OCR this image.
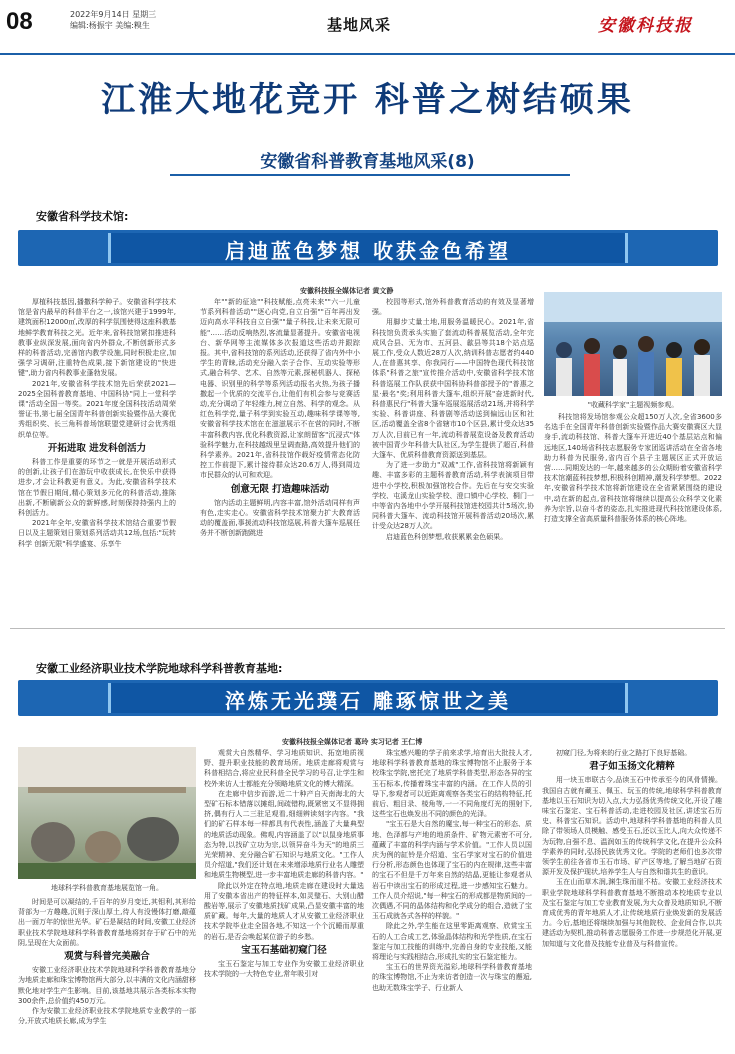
08	2022年9月14日 星期三
编辑:杨振宇 美编:糗生	基地风采	安徽科技报
江淮大地花竞开 科普之树结硕果
安徽省科普教育基地风采(8)
安徽省科学技术馆:
启迪蓝色梦想 收获金色希望
安徽科技报全媒体记者 黄文静

厚植科技基因,播撒科学种子。安徽省科学技术馆是省内最早的科普平台之一,该馆兴建于1999年,建筑面积12000㎡,改厚的科学氛围使得这座科教基地鲜学教育科技之光。近年来,省科技馆紧扣推进科教事业纵深发展,面向省内外群众,不断创新形式多样的科普活动,完善馆内教学设施,同时积极走应,加强学习调研,注重特色成果,接下新馆建设的"快进键",助力省内科教事业蓬勃发展。

2021年,安徽省科学技术馆先后荣获2021—2025全国科普教育基地、中国科协"同上一堂科学课"活动全国一等奖。2021年度全国科技活动周荣誉证书,第七届全国青年科普创新实验暨作品大赛优秀组织奖、长三角科普场馆联盟党建研讨会优秀组织单位等。

开拓进取 进发科创活力

科普工作是重要的环节之一就是开展活动形式的创新,让孩子们在游玩中收获成长,在快乐中获得进步,才会让科教更有意义。为此,安徽省科学技术馆在节假日期间,精心策划多元化的科普活动,推陈出新,不断刷新公众的新鲜感,时刻保持持强内上的科创活力。

2021年全年,安徽省科学技术馆结合重要节假日以及主题策划日策划系列活动共12场,包括:"玩转科学 创新无限"科学盛宴、乐享牛

年""新的征途""科技赋能,点亮未来""六一儿童节系列科普活动""逐心向党,自立自强""百年再出发 迈向高水平科技自立自强""量子科技,让未来无限可能"……活动反响热烈,客流量显著提升。安徽省电视台、新华网等主流媒体多次报道这些活动并跟踪报。其中,省科技馆的系列活动,还获得了省内外中小学生的青睐,活动充分融入亲子合作、互动实验等形式,融合科学、艺术、自然等元素,探秘机器人、探秘电器、识别里的科学等系列活动报名火热,为孩子播撒起一个优质的交流平台,让他们有机会参与竞赛活动,充分调动了年轻维力,树立自然、科学的观念。从红色科学党,量子科学到实验互动,趣味科学课等等,安徽省科学技术馆在在滋滋展示不在营的同时,不断丰富科教内容,优化科教资源,让家朗留客"沉浸式"体验科学魅力,在科技越级里呈调查路,高效提升他们的科学素养。2021年,省科技馆作载好疫情常态化防控工作前提下,累计接待群众达20.6万人,得到周边市民群众的认可和欢迎。

创意无限 打造趣味活动

馆内活动主题鲜明,内容丰富,馆外活动同样有声有色,走实走心。安徽省科学技术馆聚力扩大教育活动的覆盖面,事援流动科技馆巡展,科普大篷车巡展任务并不断创新跑跳进

校园等形式,馆外科普教育活动的有效及显著增强。

用脚步丈量土地,用服务温暖民心。2021年,省科技馆负责承头实施了套流动科普展览活动,全年完成风合县、无为市、五河县、歙县等共18个站点巡展工作,受众人数近28万人次,纳训科普志愿者约440人,在普惠其享、你我同行——中国特色现代科技馆体系"科普之旅"宣传推介活动中,安徽省科学技术馆科普巡展工作队获获中国科协科普部授予的"普惠之星·最名"奖;利用科普大篷车,组织开展"奋进新时代,科普惠民行"科普大篷车巡展巡展活动21场,并将科学实验、科普讲座、科普剧等活动送到偏远山区和社区,活动覆盖全省8个省辖市10个区县,累计受众达35万人次,目前已有一年,流动科普展览设备及教育活动被中国青少年科普大队社区,为学生提供了超百,科普大篷车、优质科普教育资源送到基层。

为了进一步助力"双减"工作,省科技馆将新颖有趣、丰富多彩的主题科普教育活动,科学表演项目带进中小学校,积极加强馆校合作。先后在与安交实验学校、屯溪龙山实验学校、澄口镇中心学校、桐门一中等省内各地中小学开展科技馆进校园共计5场次,协同科普大篷车、流动科技馆开展科普活动20场次,累计受众达28万人次。

启迪蓝色科创梦想,收获累累金色硕果。

"收藏科学家"主题视频参观。

科技馆将发场馆参观公众超150万人次,全省3600多名选手在全国青年科普创新实验暨作品大赛安徽赛区大显身手,流动科技馆、科普大篷车开进近40个基层站点和偏远地区,140场省科技志愿服务专家团巡讲活动在全省各地助力科普为民服务,省内百个县子主题展区正式开放运营……同期发达的一年,越来越多的公众期盼着安徽省科学技术馆潮蓝科技梦想,积极科创精神,潮发科学梦想。2022年,安徽省科学技术馆将新馆建设在全省紧紧围绕的建设中,动在新的起点,省科技馆将继续以提高公众科学文化素养为宗旨,以奋斗者的姿态,扎实推进现代科技馆建设体系,打造支撑全省高质量科普服务体系的核心阵地。

安徽工业经济职业技术学院地球科学科普教育基地:
淬炼无光璞石 雕琢惊世之美
安徽科技报全媒体记者 葛玲 实习记者 王仁博
地球科学科普教育基地展览馆一角。

时间是可以凝结的,千百年的岁月变迁,其钼利,其形给背部为一方趣趣,沉则于深山厚土,待人有没慢体打磨,敲蕴出一面万年的惊世光华。矿石是凝结的时间,安徽工业经济职业技术学院地球科学科普教育基地将封存于矿石中的光阴,呈现在大众面前。

观赏与科普完美融合

安徽工业经济职业技术学院地球科学科普教育基地分为地质走廊和珠宝博物馆两大部分,以丰满的文化内涵甜移默化地对学生产生影响。目前,该基地共展示各类标本实物300余件,总价值约450万元。

作为安徽工业经济职业技术学院地质专业教学的一部分,开放式地质长廊,成为学生

观赏大自然精华、学习地质知识、拓宽地质视野、提升职业技能的教育场所。地质走廊将观赏与科普相结合,将应业民科普全民学习的号召,让学生和校外来访人士都能充分领略地质文化的博大精深。

在走廊中信步而游,近二十种产自天南海北的大型矿石标本错落以摊组,间疏错构,既紧密又不显得拥挤,偶有行人二三驻足观看,细细辨读刻字内容。"我们的矿石样本每一样都具有代表性,涵盖了大量典型的地质活动现象。佛观,内容涵盖了以"以鼠身地质事态为特,以找矿立功为宗,以领异奋斗为天"的地质三光荣精神、充分融合矿石知识与地质文化。"工作人员介绍道,"我们还计划在未来增添地质行业名人雕塑和地质生物模型,进一步丰富地质走廊的科普内容。"

除此以外定在特点地,地质走廊在建设时大量选用了安徽本省出产的特征样本,如灵璧石、大别山醋酸岩等,展示了安徽地质找矿成果,凸显安徽丰富的地质矿藏。每年,大量的地质人才从安徽工业经济职业技术学院毕业走全国各地,不知这一个个沉睡而厚重的岩石,是否会唤起某位游子的乡愁。

宝玉石基础初窥门径

宝玉石鉴定与加工专业作为安徽工业经济职业技术学院的一大特色专业,常年吸引对

珠宝感兴趣的学子前来求学,培育出大批技人才,地球科学科普教育基地的珠宝博物馆不止服务于本校珠宝学院,密托完了地质学科普类型,形态各异的宝玉石标本,传播着珠宝丰富的内涵。在工作人员的引导下,参观者可以近距离观察各类宝石的结构特征,托前后、粗目录、棱角等,一一不同角度灯光的照射下,这些宝石也焕发出不同的颜色的光泽。

"宝玉石是大自然的魔宝,每一种宝石的形态、质地、色泽都与产地的地质条件、矿物元素密不可分,蕴藏了丰富的科学内涵与学术价值。"工作人员以国庆为例的缸铃是介绍道、宝石学家对宝石的价值进行分析,形态颜色也体现了宝石的内在规律,这些丰富的宝石不但是千万年来自然的结晶,更能让参观者从岩石中读出宝石的形成过程,进一步感知宝石魅力。工作人员介绍说,"每一种宝石的形成都是物质间的一次偶遇,不同的晶体结构和化学成分的组合,造就了宝玉石成就各式各样的样貌。"

除此之外,学生能在这里零距离观察、欣赏宝玉石的人工合成工艺,体验晶体结构和光学性质,在宝石鉴定与加工技能的训练中,完善自身的专业技能,又能将理论与实践相结合,形成扎实的宝石鉴定能力。

宝玉石的世界资光溢彩,地球科学科普教育基地的珠宝博物馆,不止为来访者创造一次与珠宝的邂逅,也助无数珠宝学子、行业新人

初窥门径,为将来的行业之路打下良好基础。

君子如玉扬文化精粹

用一块玉串联古今,品读玉石中传承至今的风骨情操。我国自古就有藏玉、佩玉、玩玉的传统,地球科学科普教育基地以玉石知识为切入点,大力弘扬优秀传统文化,开设了趣味宝石鉴定、宝石科普活动,走进校园及社区,讲述宝石历史、科普宝石知识。活动中,地球科学科普基地的科普人员除了带领场人员模触、感受玉石,还以玉比人,向大众传递不为玩物,自强不息、温润如玉的传统科学文化,在提升公众科学素养的同时,弘扬民族优秀文化。学院的老师们也多次带领学生前往各省市玉石市场、矿产区等地,了解当地矿石资源开发及保护现状,培养学生人与自然和谐共生的意识。

玉在山而草木润,渊生珠而崖不枯。安徽工业经济技术职业学院地球科学科普教育基地不断推动本校地质专业以及宝石鉴定与加工专业教育发展,为大众普及地质知识,不断育成优秀的青年地质人才,让传统地质行业焕发新的发展活力。今后,基地还将继续加强与其他院校、企业间合作,以共建活动为契机,推动科普志愿服务工作进一步规范化开展,更加知道与文化普及技能专业普及与科普宣传。
